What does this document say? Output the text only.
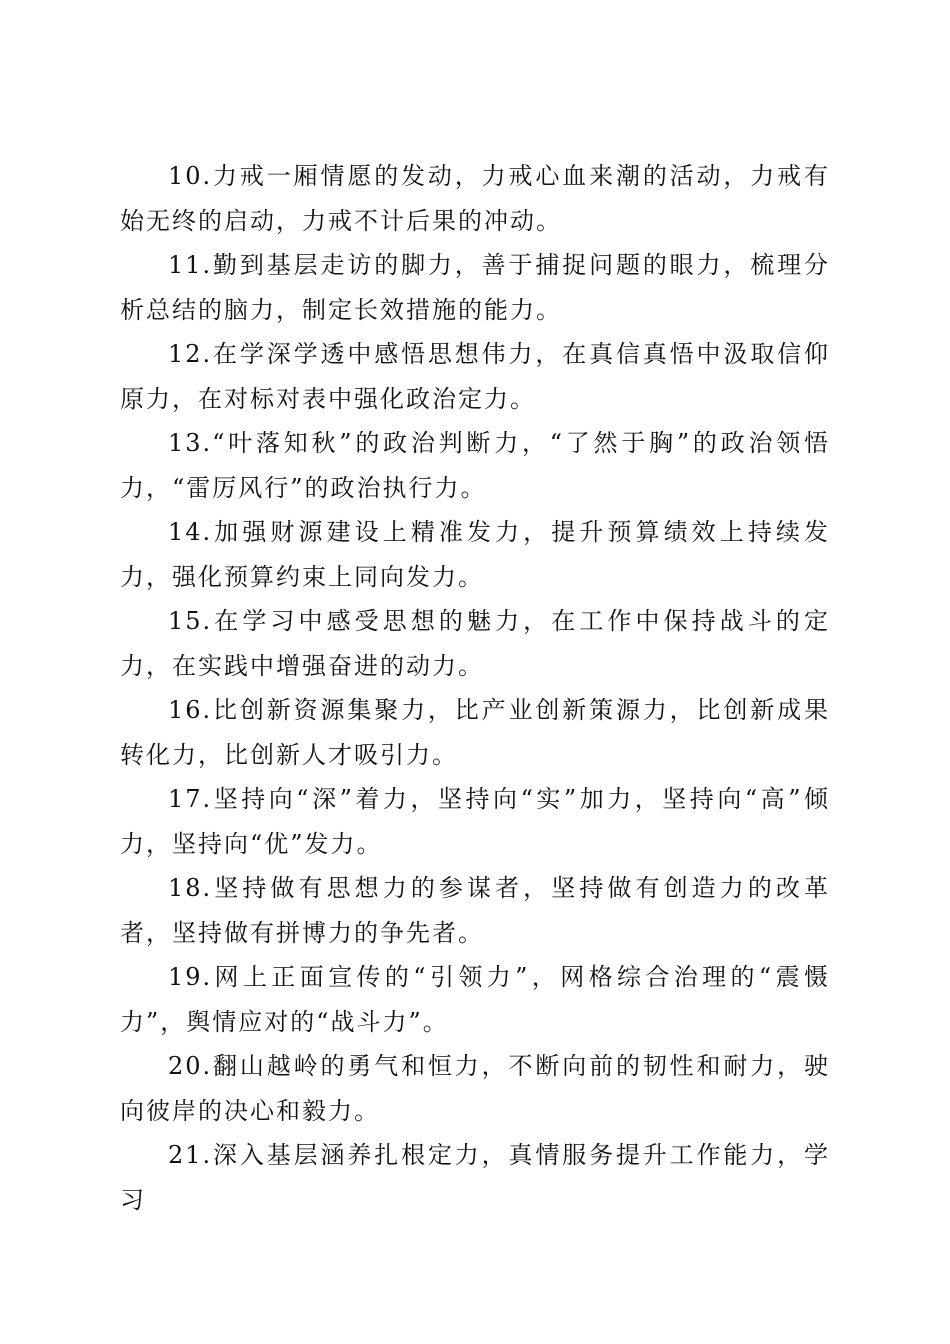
10.力戒一厢情愿的发动，力戒心血来潮的活动，力戒有始无终的启动，力戒不计后果的冲动。

11.勤到基层走访的脚力，善于捕捉问题的眼力，梳理分析总结的脑力，制定长效措施的能力。

12.在学深学透中感悟思想伟力，在真信真悟中汲取信仰原力，在对标对表中强化政治定力。

13.“叶落知秋”的政治判断力，“了然于胸”的政治领悟力，“雷厉风行”的政治执行力。

14.加强财源建设上精准发力，提升预算绩效上持续发力，强化预算约束上同向发力。

15.在学习中感受思想的魅力，在工作中保持战斗的定力，在实践中增强奋进的动力。

16.比创新资源集聚力，比产业创新策源力，比创新成果转化力，比创新人才吸引力。

17.坚持向“深”着力，坚持向“实”加力，坚持向“高”倾力，坚持向“优”发力。

18.坚持做有思想力的参谋者，坚持做有创造力的改革者，坚持做有拼博力的争先者。

19.网上正面宣传的“引领力”，网格综合治理的“震慑力”，舆情应对的“战斗力”。

20.翻山越岭的勇气和恒力，不断向前的韧性和耐力，驶向彼岸的决心和毅力。

21.深入基层涵养扎根定力，真情服务提升工作能力，学习
